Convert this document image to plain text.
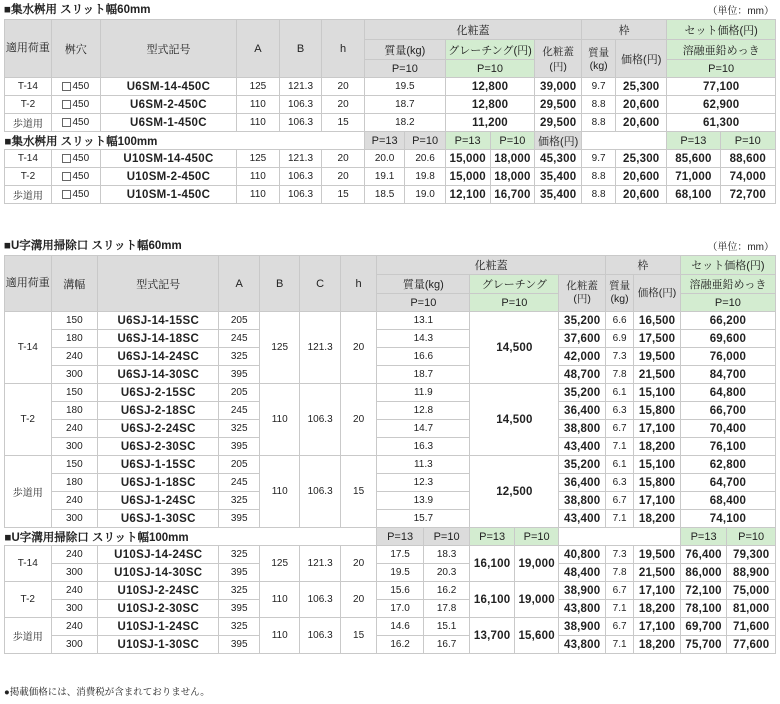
■集水桝用 スリット幅60mm	（単位：mm）
適用荷重	桝穴	型式記号	A	B	h	化粧蓋					枠		セット価格(円)	
						質量(kg)		グレーチング(円)		化粧蓋(円)	質量(kg)	価格(円)	溶融亜鉛めっき	
						P=10		P=10					P=10	
T-14	450	U6SM-14-450C	125	121.3	20	19.5		12,800		39,000	9.7	25,300	77,100	
T-2	450	U6SM-2-450C	110	106.3	20	18.7		12,800		29,500	8.8	20,600	62,900	
歩道用	450	U6SM-1-450C	110	106.3	15	18.2		11,200		29,500	8.8	20,600	61,300	
■集水桝用 スリット幅100mm						P=13	P=10	P=13	P=10	価格(円)			P=13	P=10
T-14	450	U10SM-14-450C	125	121.3	20	20.0	20.6	15,000	18,000	45,300	9.7	25,300	85,600	88,600
T-2	450	U10SM-2-450C	110	106.3	20	19.1	19.8	15,000	18,000	35,400	8.8	20,600	71,000	74,000
歩道用	450	U10SM-1-450C	110	106.3	15	18.5	19.0	12,100	16,700	35,400	8.8	20,600	68,100	72,700
■U字溝用掃除口 スリット幅60mm	（単位：mm）
適用荷重	溝幅	型式記号	A	B	C	h	化粧蓋					枠		セット価格(円)	
							質量(kg)		グレーチング		化粧蓋(円)	質量(kg)	価格(円)	溶融亜鉛めっき	
							P=10		P=10					P=10	
T-14	150	U6SJ-14-15SC	205	125	121.3	20	13.1		14,500		35,200	6.6	16,500	66,200	
	180	U6SJ-14-18SC	245				14.3				37,600	6.9	17,500	69,600	
	240	U6SJ-14-24SC	325				16.6				42,000	7.3	19,500	76,000	
	300	U6SJ-14-30SC	395				18.7				48,700	7.8	21,500	84,700	
T-2	150	U6SJ-2-15SC	205	110	106.3	20	11.9		14,500		35,200	6.1	15,100	64,800	
	180	U6SJ-2-18SC	245				12.8				36,400	6.3	15,800	66,700	
	240	U6SJ-2-24SC	325				14.7				38,800	6.7	17,100	70,400	
	300	U6SJ-2-30SC	395				16.3				43,400	7.1	18,200	76,100	
歩道用	150	U6SJ-1-15SC	205	110	106.3	15	11.3		12,500		35,200	6.1	15,100	62,800	
	180	U6SJ-1-18SC	245				12.3				36,400	6.3	15,800	64,700	
	240	U6SJ-1-24SC	325				13.9				38,800	6.7	17,100	68,400	
	300	U6SJ-1-30SC	395				15.7				43,400	7.1	18,200	74,100	
■U字溝用掃除口 スリット幅100mm							P=13	P=10	P=13	P=10				P=13	P=10
T-14	240	U10SJ-14-24SC	325	125	121.3	20	17.5	18.3	16,100	19,000	40,800	7.3	19,500	76,400	79,300
	300	U10SJ-14-30SC	395				19.5	20.3			48,400	7.8	21,500	86,000	88,900
T-2	240	U10SJ-2-24SC	325	110	106.3	20	15.6	16.2	16,100	19,000	38,900	6.7	17,100	72,100	75,000
	300	U10SJ-2-30SC	395				17.0	17.8			43,800	7.1	18,200	78,100	81,000
歩道用	240	U10SJ-1-24SC	325	110	106.3	15	14.6	15.1	13,700	15,600	38,900	6.7	17,100	69,700	71,600
	300	U10SJ-1-30SC	395				16.2	16.7			43,800	7.1	18,200	75,700	77,600
●掲載価格には、消費税が含まれておりません。
